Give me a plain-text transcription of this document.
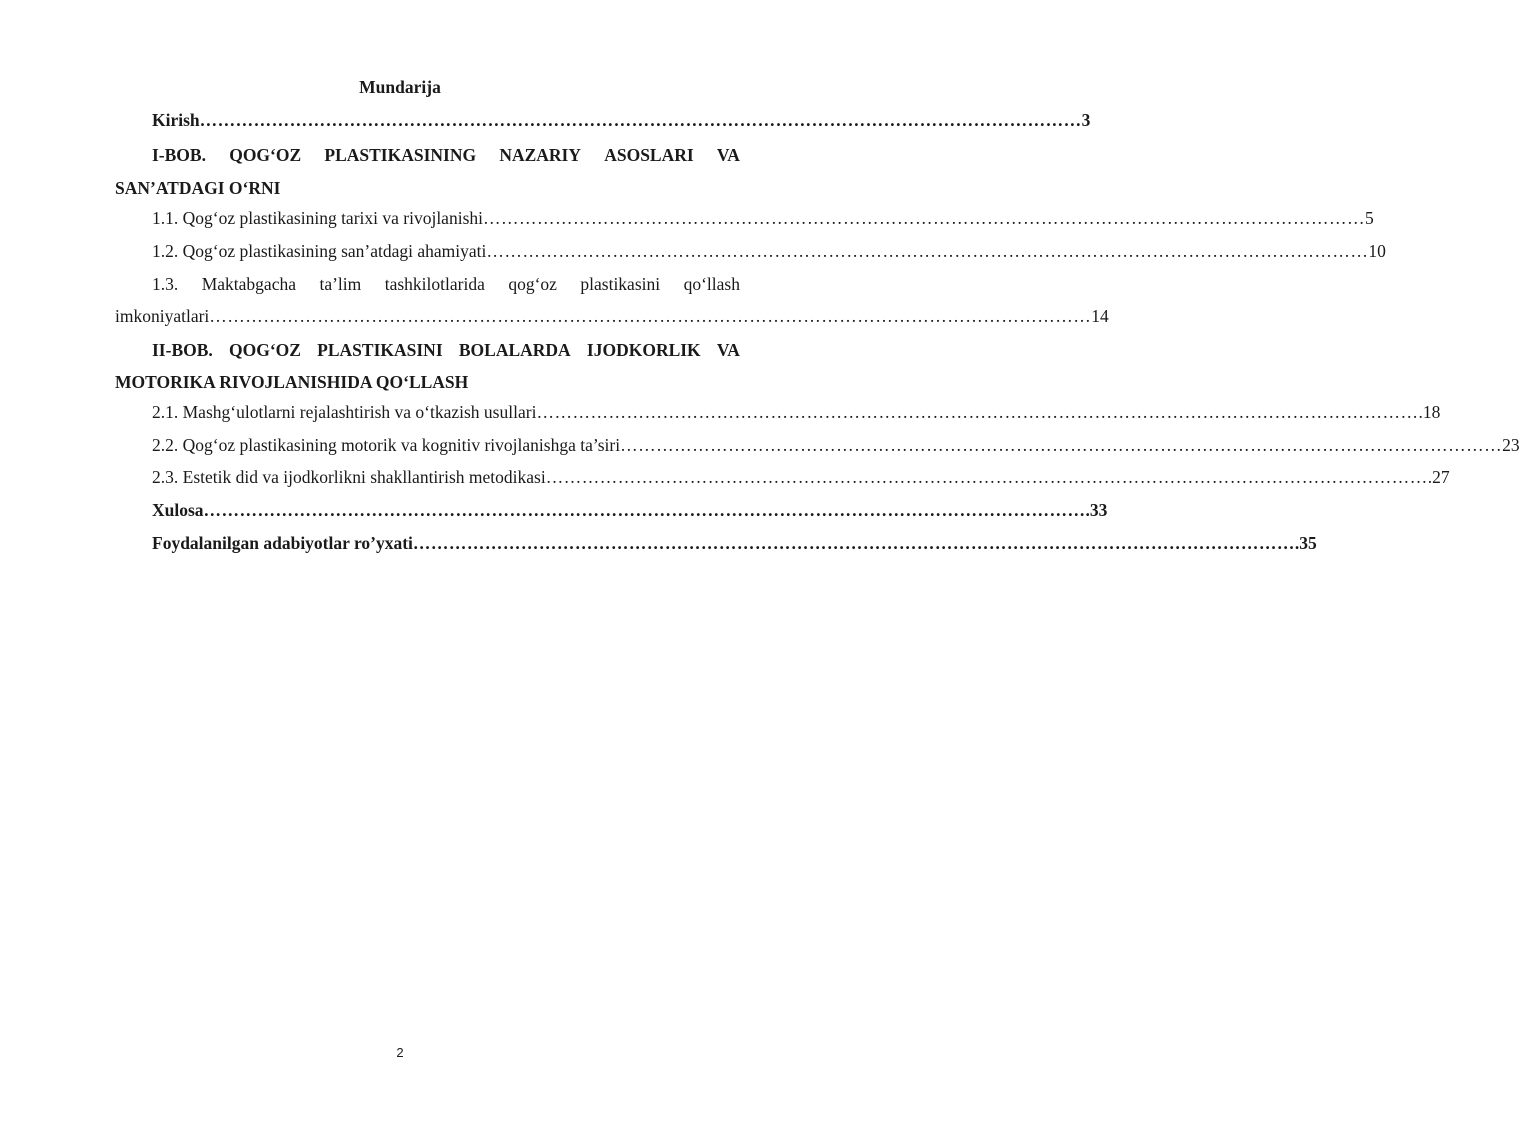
Mundarija
Kirish ………………………………………………………………………………………………………………………………… 3
I-BOB. QOG‘OZ PLASTIKASINING NAZARIY ASOSLARI VA
SAN’ATDAGI O‘RNI
1.1. Qog‘oz plastikasining tarixi va rivojlanishi ………………………………………………………………………………………………………………………………… 5
1.2. Qog‘oz plastikasining san’atdagi ahamiyati ………………………………………………………………………………………………………………………………… 10
1.3. Maktabgacha ta’lim tashkilotlarida qog‘oz plastikasini qo‘llash
imkoniyatlari ………………………………………………………………………………………………………………………………… 14
II-BOB. QOG‘OZ PLASTIKASINI BOLALARDA IJODKORLIK VA
MOTORIKA RIVOJLANISHIDA QO‘LLASH
2.1. Mashg‘ulotlarni rejalashtirish va o‘tkazish usullari ………………………………………………………………………………………………………………………………… .18
2.2. Qog‘oz plastikasining motorik va kognitiv rivojlanishga ta’siri ………………………………………………………………………………………………………………………………… 23
2.3. Estetik did va ijodkorlikni shakllantirish metodikasi ………………………………………………………………………………………………………………………………… .27
Xulosa ………………………………………………………………………………………………………………………………… .33
Foydalanilgan adabiyotlar ro’yxati ………………………………………………………………………………………………………………………………… .35
2
